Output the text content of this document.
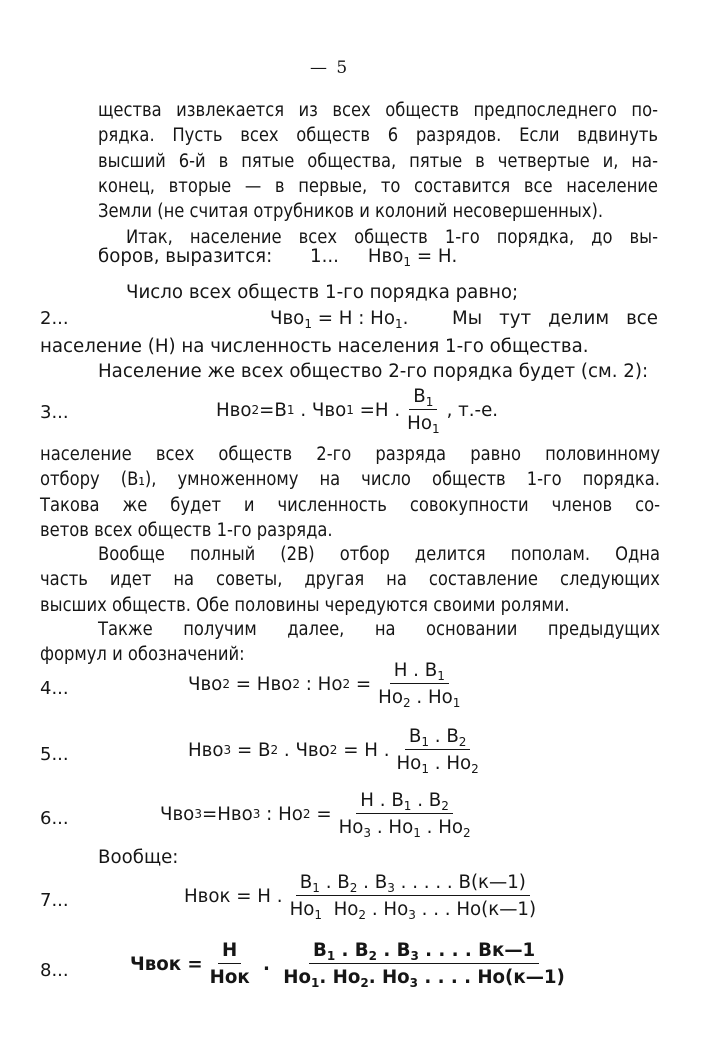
— 5
щества извлекается из всех обществ предпоследнего по-
рядка. Пусть всех обществ 6 разрядов. Если вдвинуть
высший 6-й в пятые общества, пятые в четвертые и, на-
конец, вторые — в первые, то составится все население
Земли (не считая отрубников и колоний несовершенных).
Итак, население всех обществ 1-го порядка, до вы-
боров, выразится: 1... Нво$_1$ = Н.
Число всех обществ 1-го порядка равно;
2...	Чво$_1$ = Н : $Но_1$. Мы тут делим все
население (Н) на численность населения 1-го общества.
Население же всех общество 2-го порядка будет (см. 2):
3...	Нво 2 =В 1
. Чво 1
=Н . $\frac{В_1}{Но_1}$ , т.-е.
население всех обществ 2-го разряда равно половинному
отбору (В₁), умноженному на число обществ 1-го порядка.
Такова же будет и численность совокупности членов со-
ветов всех обществ 1-го разряда.
Вообще полный (2В) отбор делится пополам. Одна
часть идет на советы, другая на составление следующих
высших обществ. Обе половины чередуются своими ролями.
Также получим далее, на основании предыдущих
формул и обозначений:
4...	Чво 2
= Нво 2
: Но 2
= $\frac{Н . В_1}{Но_2 . Но_1}$
5...	Нво 3
= В 2
. Чво 2
= Н . $\frac{В_1 . В_2}{Но_1 . Но_2}$
6...	Чво 3 =Нво 3
: Но 2
= $\frac{Н . В_1 . В_2}{Но_3 . Но_1 . Но_2}$
Вообще:
7...	Нвок = Н . $\frac{В_1 . В_2 . В_3 . . . . . В(к—1)}{Но_1 Но_2 . Но_3 . . . Но(к—1)}$
8...	Чвок = $\frac{Н}{\text{Нок}}$
.
$\frac{В_1 . В_2 . В_3 . . . . Вк—1}{Но_1. Но_2. Но_3 . . . . Но(к—1)}$
